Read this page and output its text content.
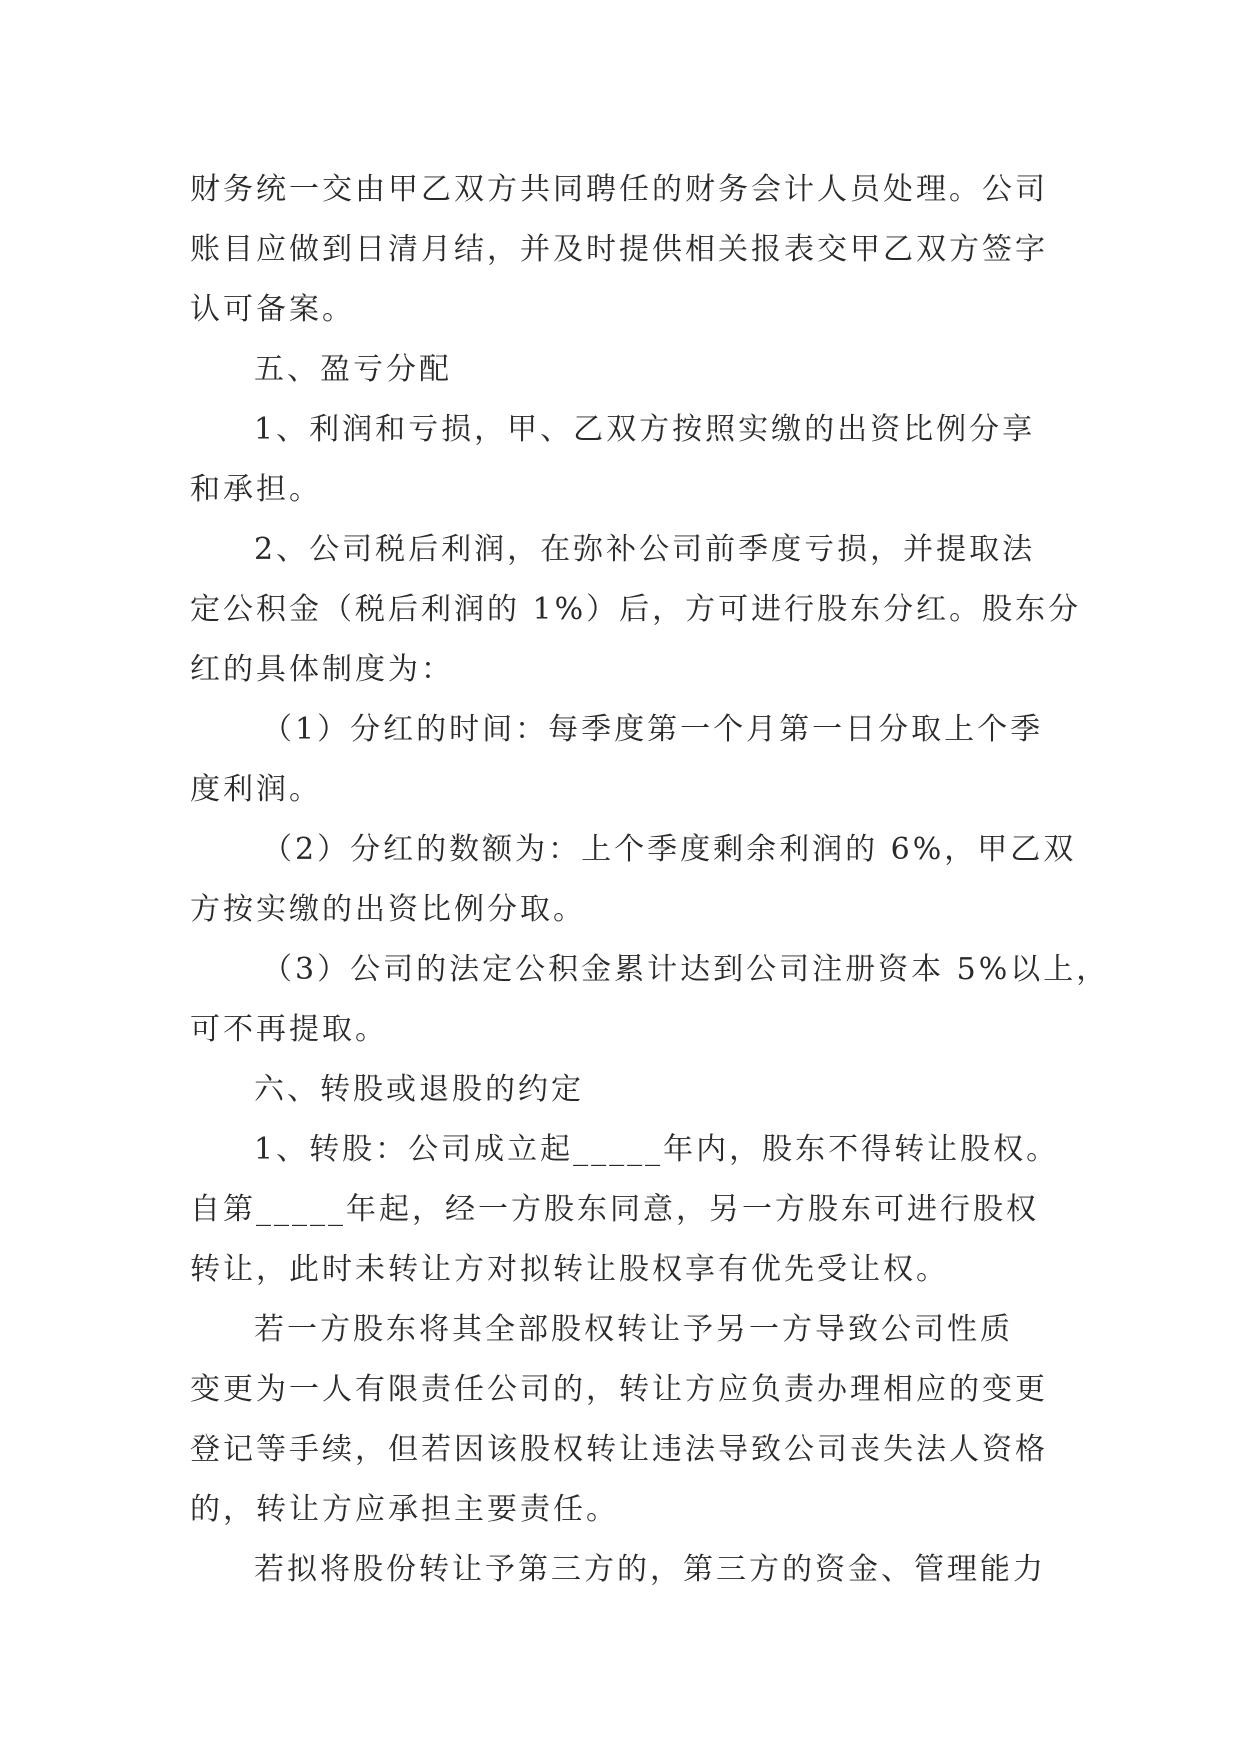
财务统一交由甲乙双方共同聘任的财务会计人员处理。公司
账目应做到日清月结，并及时提供相关报表交甲乙双方签字
认可备案。
五、盈亏分配
1、利润和亏损，甲、乙双方按照实缴的出资比例分享
和承担。
2、公司税后利润，在弥补公司前季度亏损，并提取法
定公积金（税后利润的 1%）后，方可进行股东分红。股东分
红的具体制度为：
（1）分红的时间：每季度第一个月第一日分取上个季
度利润。
（2）分红的数额为：上个季度剩余利润的 6%，甲乙双
方按实缴的出资比例分取。
（3）公司的法定公积金累计达到公司注册资本 5%以上，
可不再提取。
六、转股或退股的约定
1、转股：公司成立起_____年内，股东不得转让股权。
自第_____年起，经一方股东同意，另一方股东可进行股权
转让，此时未转让方对拟转让股权享有优先受让权。
若一方股东将其全部股权转让予另一方导致公司性质
变更为一人有限责任公司的，转让方应负责办理相应的变更
登记等手续，但若因该股权转让违法导致公司丧失法人资格
的，转让方应承担主要责任。
若拟将股份转让予第三方的，第三方的资金、管理能力
